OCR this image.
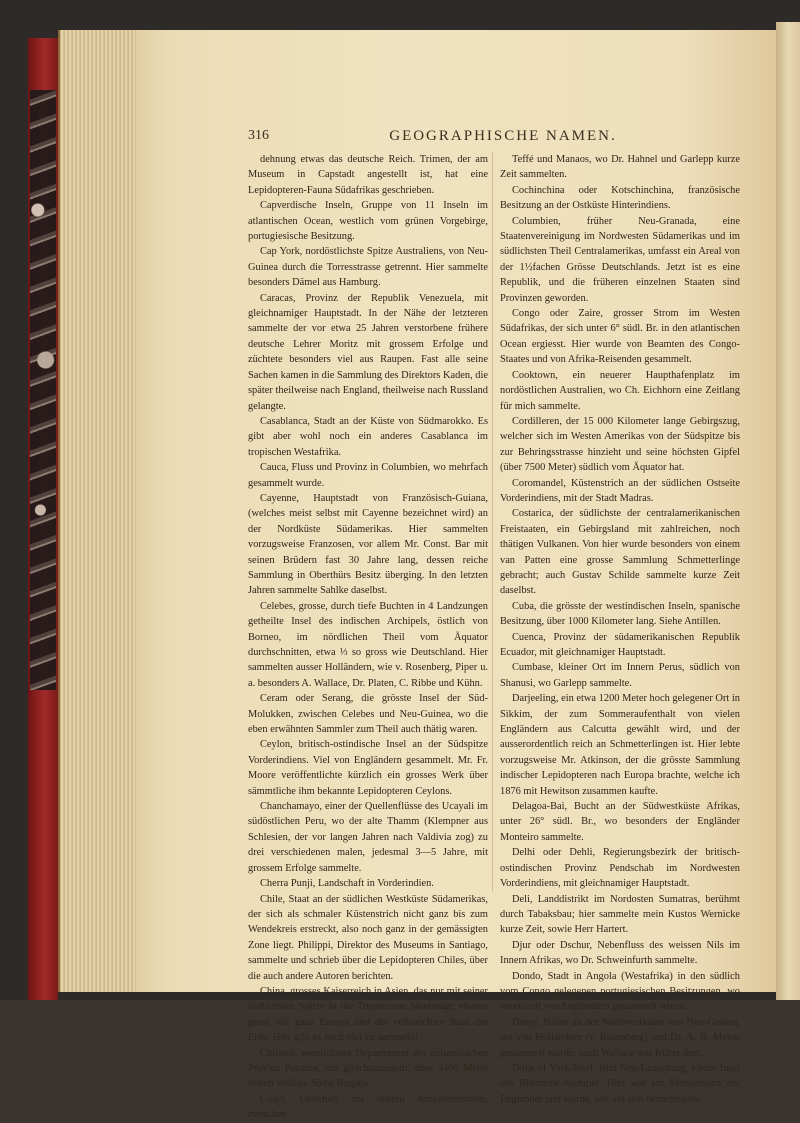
316	GEOGRAPHISCHE NAMEN.

dehnung etwas das deutsche Reich. Trimen, der am Museum in Capstadt angestellt ist, hat eine Lepidopteren-Fauna Südafrikas geschrieben.

Capverdische Inseln, Gruppe von 11 Inseln im atlantischen Ocean, westlich vom grünen Vorgebirge, portugiesische Besitzung.

Cap York, nordöstlichste Spitze Australiens, von Neu-Guinea durch die Torresstrasse getrennt. Hier sammelte besonders Dämel aus Hamburg.

Caracas, Provinz der Republik Venezuela, mit gleichnamiger Hauptstadt. In der Nähe der letzteren sammelte der vor etwa 25 Jahren verstorbene frühere deutsche Lehrer Moritz mit grossem Erfolge und züchtete besonders viel aus Raupen. Fast alle seine Sachen kamen in die Sammlung des Direktors Kaden, die später theilweise nach England, theilweise nach Russland gelangte.

Casablanca, Stadt an der Küste von Südmarokko. Es gibt aber wohl noch ein anderes Casablanca im tropischen Westafrika.

Cauca, Fluss und Provinz in Columbien, wo mehrfach gesammelt wurde.

Cayenne, Hauptstadt von Französisch-Guiana, (welches meist selbst mit Cayenne bezeichnet wird) an der Nordküste Südamerikas. Hier sammelten vorzugsweise Franzosen, vor allem Mr. Const. Bar mit seinen Brüdern fast 30 Jahre lang, dessen reiche Sammlung in Oberthürs Besitz überging. In den letzten Jahren sammelte Sahlke daselbst.

Celebes, grosse, durch tiefe Buchten in 4 Landzungen getheilte Insel des indischen Archipels, östlich von Borneo, im nördlichen Theil vom Äquator durchschnitten, etwa ⅓ so gross wie Deutschland. Hier sammelten ausser Holländern, wie v. Rosenberg, Piper u. a. besonders A. Wallace, Dr. Platen, C. Ribbe und Kühn.

Ceram oder Serang, die grösste Insel der Süd-Molukken, zwischen Celebes und Neu-Guinea, wo die eben erwähnten Sammler zum Theil auch thätig waren.

Ceylon, britisch-ostindische Insel an der Südspitze Vorderindiens. Viel von Engländern gesammelt. Mr. Fr. Moore veröffentlichte kürzlich ein grosses Werk über sämmtliche ihm bekannte Lepidopteren Ceylons.

Chanchamayo, einer der Quellenflüsse des Ucayali im südöstlichen Peru, wo der alte Thamm (Klempner aus Schlesien, der vor langen Jahren nach Valdivia zog) zu drei verschiedenen malen, jedesmal 3—5 Jahre, mit grossem Erfolge sammelte.

Cherra Punji, Landschaft in Vorderindien.

Chile, Staat an der südlichen Westküste Südamerikas, der sich als schmaler Küstenstrich nicht ganz bis zum Wendekreis erstreckt, also noch ganz in der gemässigten Zone liegt. Philippi, Direktor des Museums in Santiago, sammelte und schrieb über die Lepidopteren Chiles, über die auch andere Autoren berichten.

China, grosses Kaiserreich in Asien, das nur mit seiner südlichsten Spitze in die Tropenzone hineinragt; ebenso gross wie ganz Europa und der volkreichste Staat der Erde. Hier gibt es noch viel zu sammeln!

Chiriqui, westlichstes Departement der columbischen Provinz Panama, mit gleichnamigem, über 3400 Meter hohen Vulkan. Siehe Bugaba.

Coary, Ortschaft am oberen Amazonenstrom, zwischen

Teffé und Manaos, wo Dr. Hahnel und Garlepp kurze Zeit sammelten.

Cochinchina oder Kotschinchina, französische Besitzung an der Ostküste Hinterindiens.

Columbien, früher Neu-Granada, eine Staatenvereinigung im Nordwesten Südamerikas und im südlichsten Theil Centralamerikas, umfasst ein Areal von der 1½fachen Grösse Deutschlands. Jetzt ist es eine Republik, und die früheren einzelnen Staaten sind Provinzen geworden.

Congo oder Zaire, grosser Strom im Westen Südafrikas, der sich unter 6° südl. Br. in den atlantischen Ocean ergiesst. Hier wurde von Beamten des Congo-Staates und von Afrika-Reisenden gesammelt.

Cooktown, ein neuerer Haupthafenplatz im nordöstlichen Australien, wo Ch. Eichhorn eine Zeitlang für mich sammelte.

Cordilleren, der 15 000 Kilometer lange Gebirgszug, welcher sich im Westen Amerikas von der Südspitze bis zur Behringsstrasse hinzieht und seine höchsten Gipfel (über 7500 Meter) südlich vom Äquator hat.

Coromandel, Küstenstrich an der südlichen Ostseite Vorderindiens, mit der Stadt Madras.

Costarica, der südlichste der centralamerikanischen Freistaaten, ein Gebirgsland mit zahlreichen, noch thätigen Vulkanen. Von hier wurde besonders von einem van Patten eine grosse Sammlung Schmetterlinge gebracht; auch Gustav Schilde sammelte kurze Zeit daselbst.

Cuba, die grösste der westindischen Inseln, spanische Besitzung, über 1000 Kilometer lang. Siehe Antillen.

Cuenca, Provinz der südamerikanischen Republik Ecuador, mit gleichnamiger Hauptstadt.

Cumbase, kleiner Ort im Innern Perus, südlich von Shanusi, wo Garlepp sammelte.

Darjeeling, ein etwa 1200 Meter hoch gelegener Ort in Sikkim, der zum Sommeraufenthalt von vielen Engländern aus Calcutta gewählt wird, und der ausserordentlich reich an Schmetterlingen ist. Hier lebte vorzugsweise Mr. Atkinson, der die grösste Sammlung indischer Lepidopteren nach Europa brachte, welche ich 1876 mit Hewitson zusammen kaufte.

Delagoa-Bai, Bucht an der Südwestküste Afrikas, unter 26° südl. Br., wo besonders der Engländer Monteiro sammelte.

Delhi oder Dehli, Regierungsbezirk der britisch-ostindischen Provinz Pendschab im Nordwesten Vorderindiens, mit gleichnamiger Hauptstadt.

Deli, Landdistrikt im Nordosten Sumatras, berühmt durch Tabaksbau; hier sammelte mein Kustos Wernicke kurze Zeit, sowie Herr Hartert.

Djur oder Dschur, Nebenfluss des weissen Nils im Innern Afrikas, wo Dr. Schweinfurth sammelte.

Dondo, Stadt in Angola (Westafrika) in den südlich vom Congo gelegenen portugiesischen Besitzungen, wo vereinzelt von Engländern gesammelt wurde.

Dorey, Hafen an der Nordwestküste von Neu-Guinea, wo von Holländern (v. Rosenberg) und Dr. A. B. Meyer gesammelt wurde; auch Wallace war früher dort.

Duke of York-Insel, jetzt Neu-Lauenburg, kleine Insel des Bismarck-Archipel. Hier war ein Missionssitz der Engländer und wurde, wie auf den benachbarten
